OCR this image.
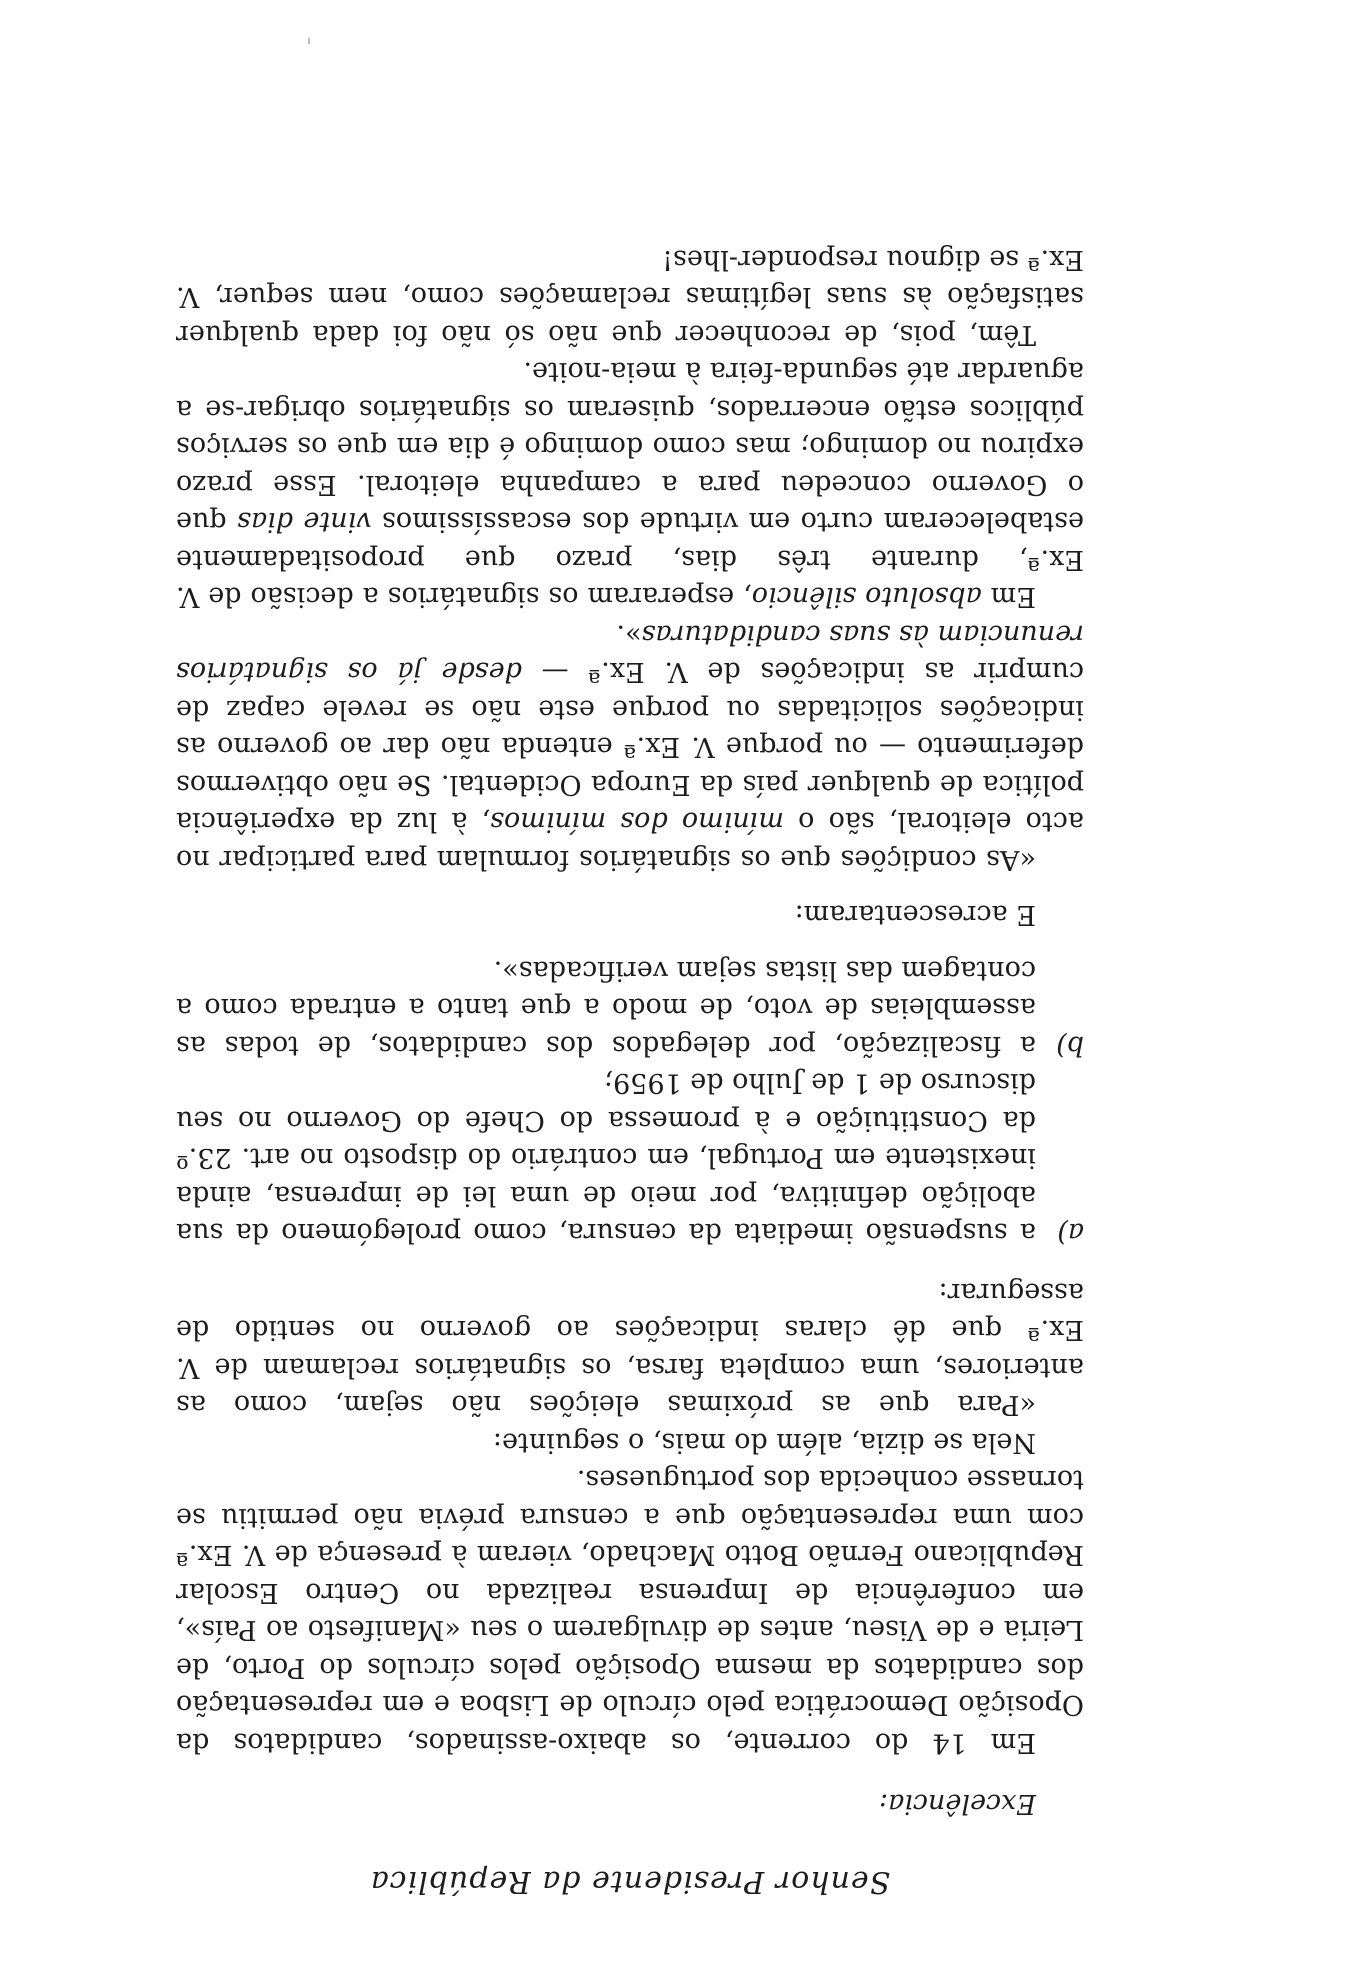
Senhor Presidente da República
Excelência:

Em 14 do corrente, os abaixo-assinados, candidatos da Oposição Democrática pelo círculo de Lisboa e em representação dos candidatos da mesma Oposição pelos círculos do Porto, de Leiria e de Viseu, antes de divulgarem o seu «Manifesto ao País», em conferência de Imprensa realizada no Centro Escolar Republicano Fernão Botto Machado, vieram à presença de V. Ex.ª com uma representação que a censura prévia não permitiu se tornasse conhecida dos portugueses.

Nela se dizia, além do mais, o seguinte:

«Para que as próximas eleições não sejam, como as anteriores, uma completa farsa, os signatários reclamam de V. Ex.ª que dê claras indicações ao governo no sentido de assegurar:

a)
a suspensão imediata da censura, como prolegómeno da sua abolição definitiva, por meio de uma lei de imprensa, ainda inexistente em Portugal, em contrário do disposto no art. 23.º da Constituição e à promessa do Chefe do Governo no seu discurso de 1 de Julho de 1959;
b)
a fiscalização, por delegados dos candidatos, de todas as assembleias de voto, de modo a que tanto a entrada como a contagem das listas sejam verificadas».
E acrescentaram:

«As condições que os signatários formulam para participar no acto eleitoral, são o mínimo dos mínimos, à luz da experiência política de qualquer país da Europa Ocidental. Se não obtivermos deferimento — ou porque V. Ex.ª entenda não dar ao governo as indicações solicitadas ou porque este não se revele capaz de cumprir as indicações de V. Ex.ª — desde já os signatários renunciam às suas candidaturas».

Em absoluto silêncio, esperaram os signatários a decisão de V. Ex.ª, durante três dias, prazo que propositadamente estabeleceram curto em virtude dos escassíssimos vinte dias que o Governo concedeu para a campanha eleitoral. Esse prazo expirou no domingo; mas como domingo é dia em que os serviços públicos estão encerrados, quiseram os signatários obrigar-se a aguardar até segunda-feira à meia-noite.

Têm, pois, de reconhecer que não só não foi dada qualquer satisfação às suas legítimas reclamações como, nem sequer, V. Ex.ª se dignou responder-lhes!
